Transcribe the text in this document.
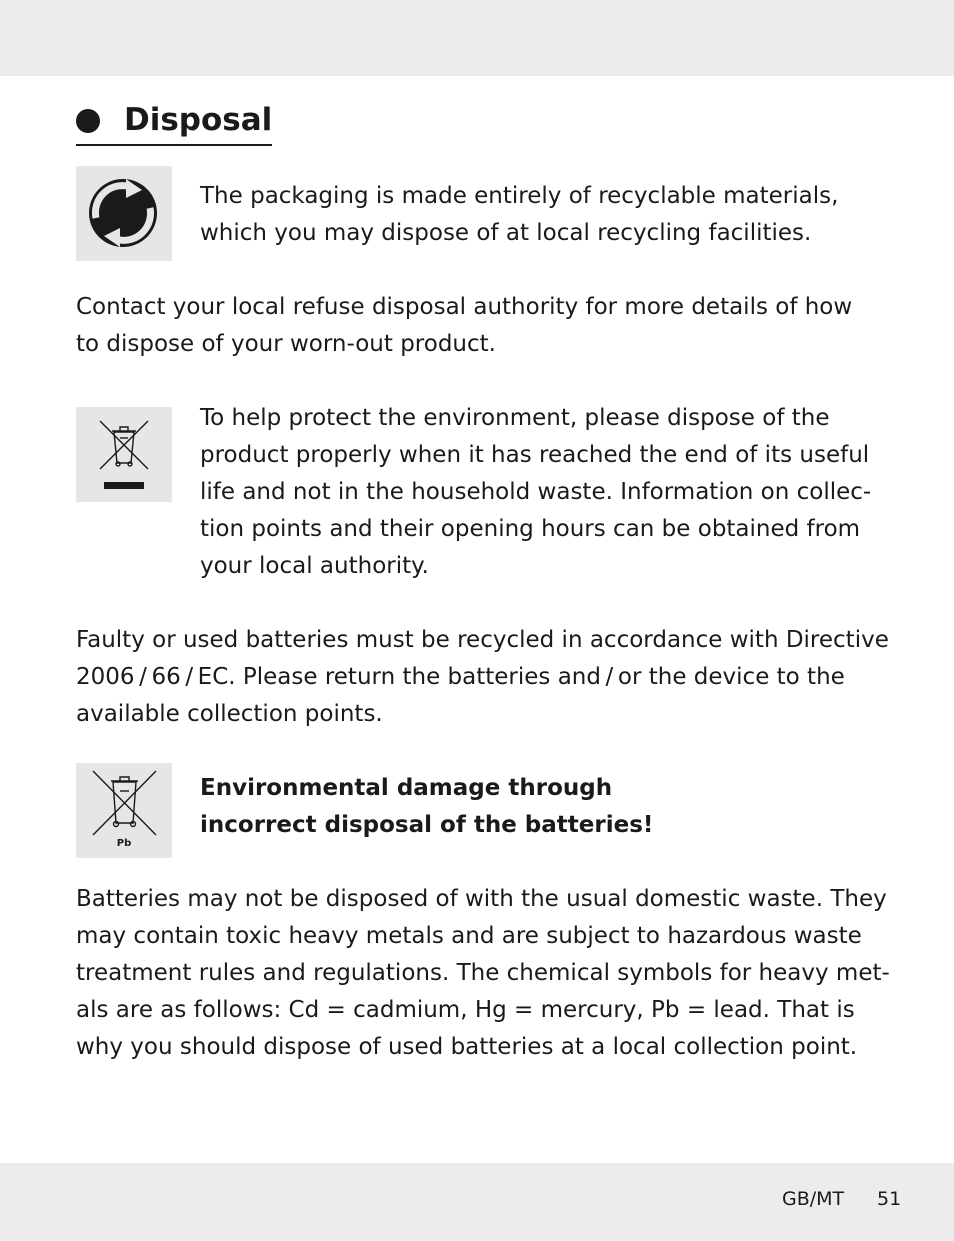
Disposal
The packaging is made entirely of recyclable materials,
which you may dispose of at local recycling facilities.
Contact your local refuse disposal authority for more details of how
to dispose of your worn-out product.
To help protect the environment, please dispose of the
product properly when it has reached the end of its useful
life and not in the household waste. Information on collec-
tion points and their opening hours can be obtained from
your local authority.
Faulty or used batteries must be recycled in accordance with Directive
2006 / 66 / EC. Please return the batteries and / or the device to the
available collection points.
Pb
Environmental damage through
incorrect disposal of the batteries!
Batteries may not be disposed of with the usual domestic waste. They
may contain toxic heavy metals and are subject to hazardous waste
treatment rules and regulations. The chemical symbols for heavy met-
als are as follows: Cd = cadmium, Hg = mercury, Pb = lead. That is
why you should dispose of used batteries at a local collection point.
GB/MT 51
